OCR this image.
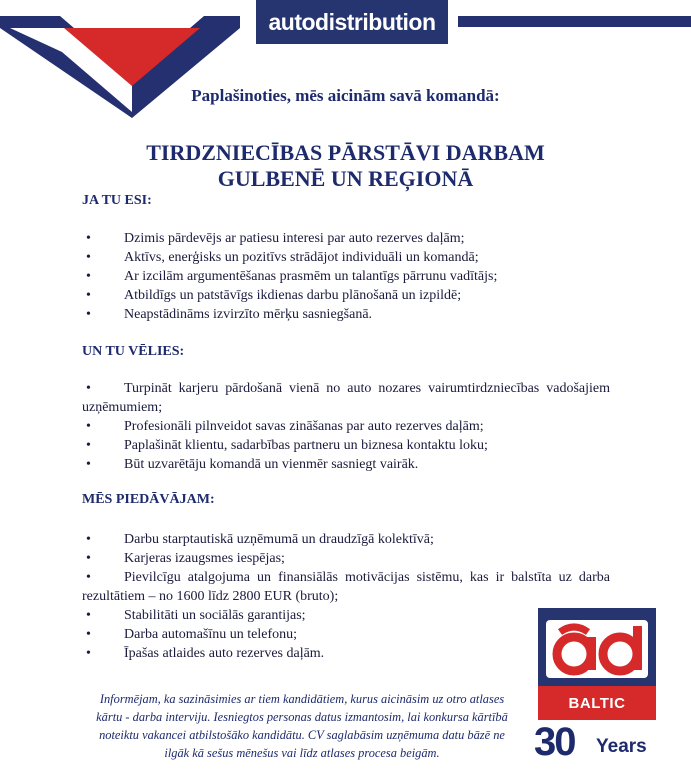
autodistribution
Paplašinoties, mēs aicinām savā komandā:
TIRDZNIECĪBAS PĀRSTĀVI DARBAM
GULBENĒ UN REĢIONĀ
JA TU ESI:
• Dzimis pārdevējs ar patiesu interesi par auto rezerves daļām;
• Aktīvs, enerģisks un pozitīvs strādājot individuāli un komandā;
• Ar izcilām argumentēšanas prasmēm un talantīgs pārrunu vadītājs;
• Atbildīgs un patstāvīgs ikdienas darbu plānošanā un izpildē;
• Neapstādināms izvirzīto mērķu sasniegšanā.
UN TU VĒLIES:
• Turpināt karjeru pārdošanā vienā no auto nozares vairumtirdzniecības vadošajiem uzņēmumiem;
• Profesionāli pilnveidot savas zināšanas par auto rezerves daļām;
• Paplašināt klientu, sadarbības partneru un biznesa kontaktu loku;
• Būt uzvarētāju komandā un vienmēr sasniegt vairāk.
MĒS PIEDĀVĀJAM:
• Darbu starptautiskā uzņēmumā un draudzīgā kolektīvā;
• Karjeras izaugsmes iespējas;
• Pievilcīgu atalgojuma un finansiālās motivācijas sistēmu, kas ir balstīta uz darba rezultātiem – no 1600 līdz 2800 EUR (bruto);
• Stabilitāti un sociālās garantijas;
• Darba automašīnu un telefonu;
• Īpašas atlaides auto rezerves daļām.
Informējam, ka sazināsimies ar tiem kandidātiem, kurus aicināsim uz otro atlases kārtu - darba interviju. Iesniegtos personas datus izmantosim, lai konkursa kārtībā noteiktu vakancei atbilstošāko kandidātu. CV saglabāsim uzņēmuma datu bāzē ne ilgāk kā sešus mēnešus vai līdz atlases procesa beigām.
BALTIC
30 Years
